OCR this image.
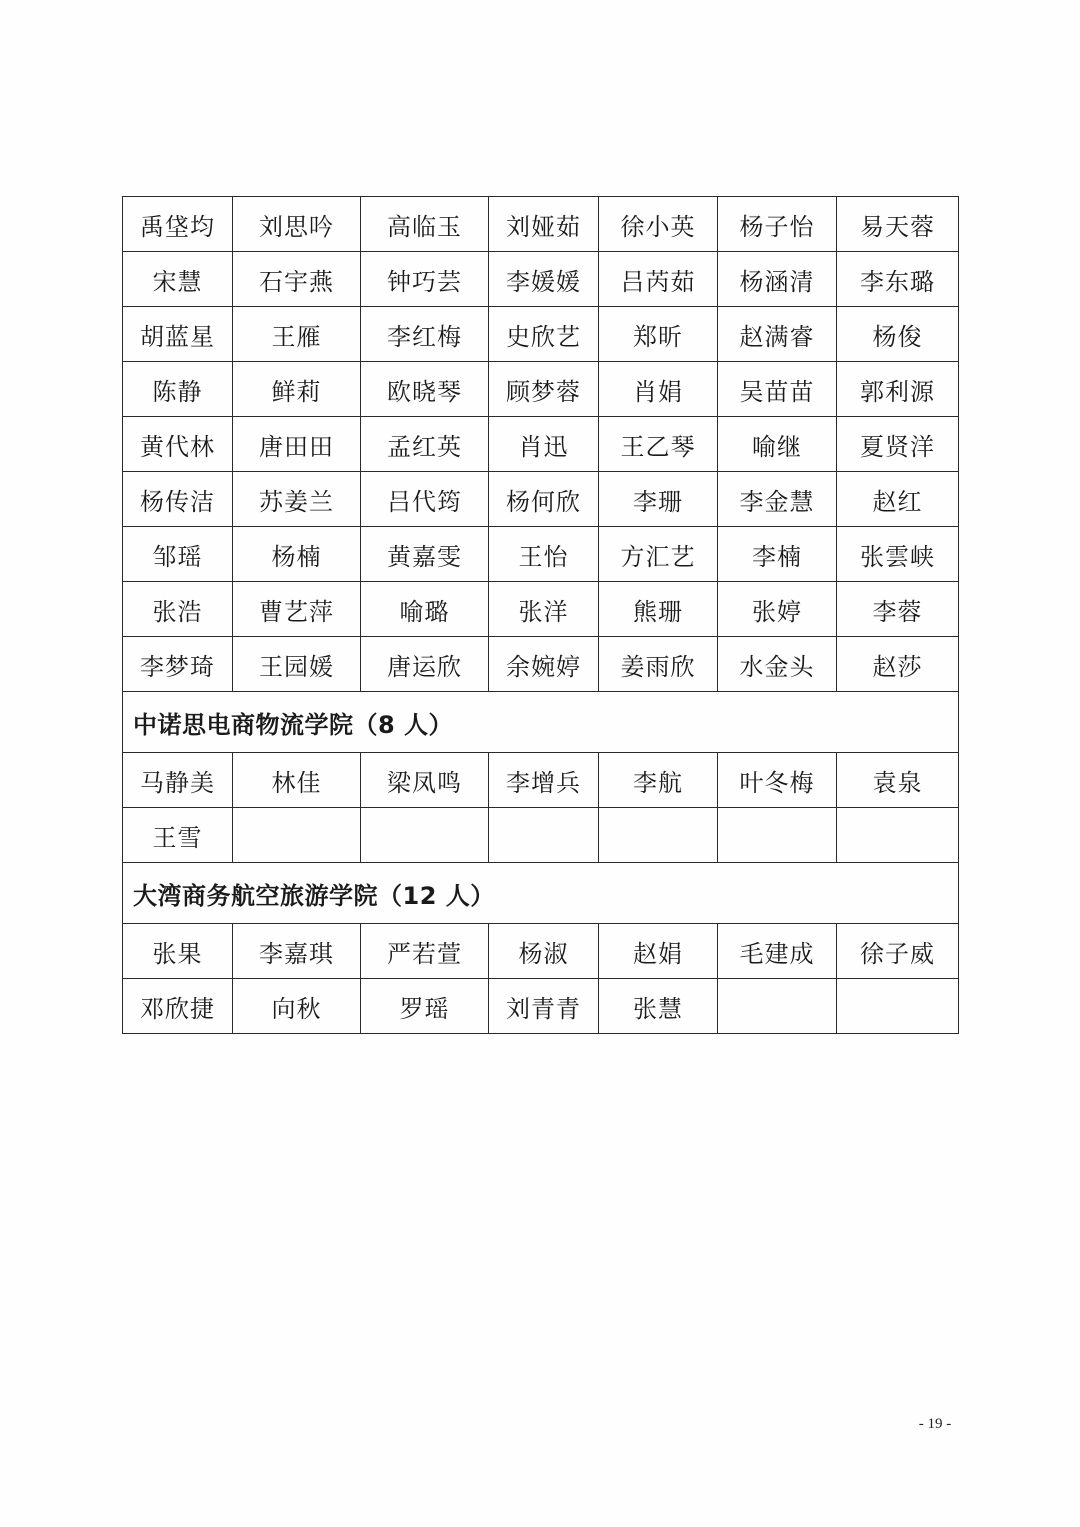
禹垡均	刘思吟	高临玉	刘娅茹	徐小英	杨子怡	易天蓉
宋慧	石宇燕	钟巧芸	李媛媛	吕芮茹	杨涵清	李东璐
胡蓝星	王雁	李红梅	史欣艺	郑昕	赵满睿	杨俊
陈静	鲜莉	欧晓琴	顾梦蓉	肖娟	吴苗苗	郭利源
黄代林	唐田田	孟红英	肖迅	王乙琴	喻继	夏贤洋
杨传洁	苏姜兰	吕代筠	杨何欣	李珊	李金慧	赵红
邹瑶	杨楠	黄嘉雯	王怡	方汇艺	李楠	张雲峡
张浩	曹艺萍	喻璐	张洋	熊珊	张婷	李蓉
李梦琦	王园媛	唐运欣	余婉婷	姜雨欣	水金头	赵莎
中诺思电商物流学院（8 人）						
马静美	林佳	梁凤鸣	李增兵	李航	叶冬梅	袁泉
王雪						
大湾商务航空旅游学院（12 人）						
张果	李嘉琪	严若萱	杨淑	赵娟	毛建成	徐子威
邓欣捷	向秋	罗瑶	刘青青	张慧		
- 19 -
